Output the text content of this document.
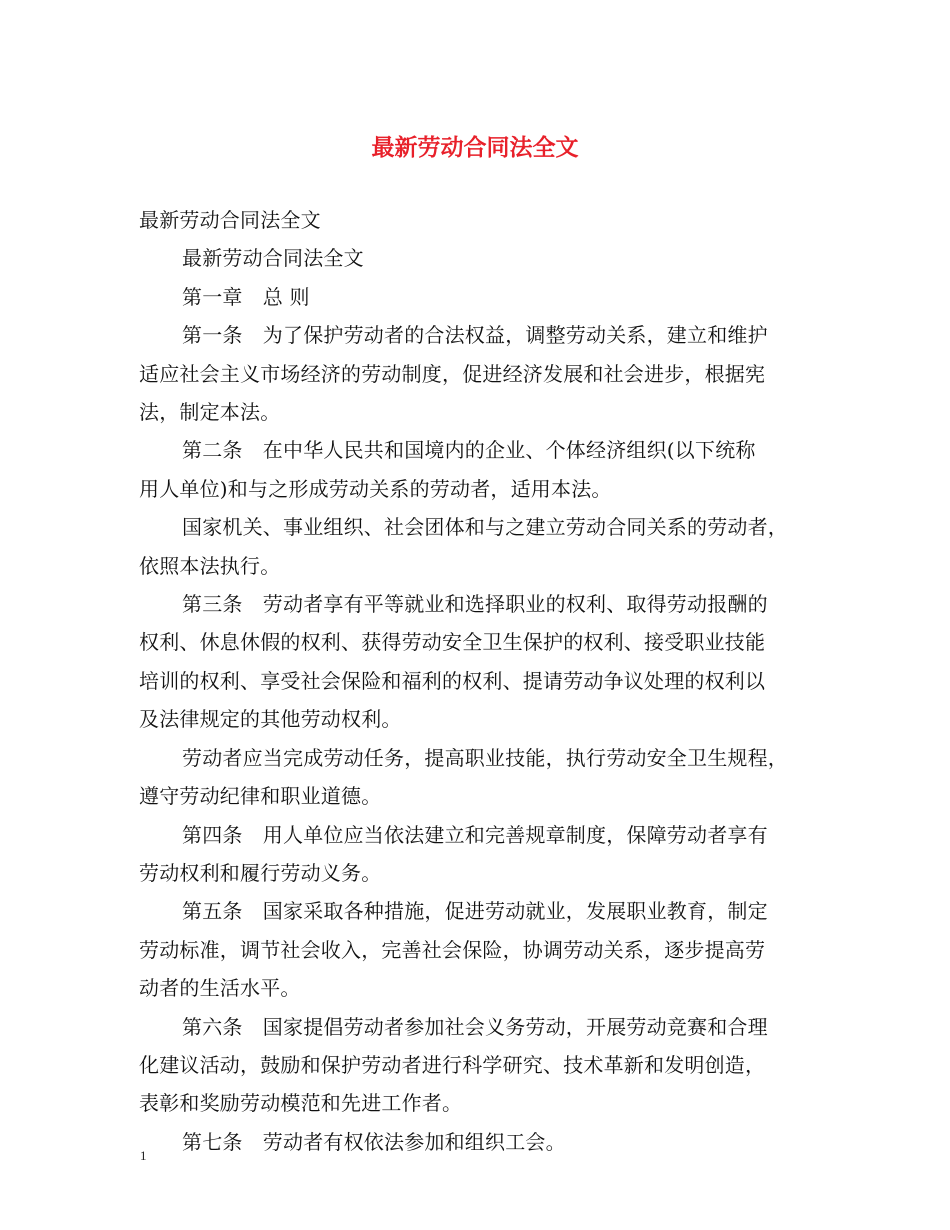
最新劳动合同法全文

最新劳动合同法全文

最新劳动合同法全文

第一章　总 则

第一条　为了保护劳动者的合法权益，调整劳动关系，建立和维护

适应社会主义市场经济的劳动制度，促进经济发展和社会进步，根据宪

法，制定本法。

第二条　在中华人民共和国境内的企业、个体经济组织(以下统称

用人单位)和与之形成劳动关系的劳动者，适用本法。

国家机关、事业组织、社会团体和与之建立劳动合同关系的劳动者，

依照本法执行。

第三条　劳动者享有平等就业和选择职业的权利、取得劳动报酬的

权利、休息休假的权利、获得劳动安全卫生保护的权利、接受职业技能

培训的权利、享受社会保险和福利的权利、提请劳动争议处理的权利以

及法律规定的其他劳动权利。

劳动者应当完成劳动任务，提高职业技能，执行劳动安全卫生规程，

遵守劳动纪律和职业道德。

第四条　用人单位应当依法建立和完善规章制度，保障劳动者享有

劳动权利和履行劳动义务。

第五条　国家采取各种措施，促进劳动就业，发展职业教育，制定

劳动标准，调节社会收入，完善社会保险，协调劳动关系，逐步提高劳

动者的生活水平。

第六条　国家提倡劳动者参加社会义务劳动，开展劳动竞赛和合理

化建议活动，鼓励和保护劳动者进行科学研究、技术革新和发明创造，

表彰和奖励劳动模范和先进工作者。

第七条　劳动者有权依法参加和组织工会。

1
